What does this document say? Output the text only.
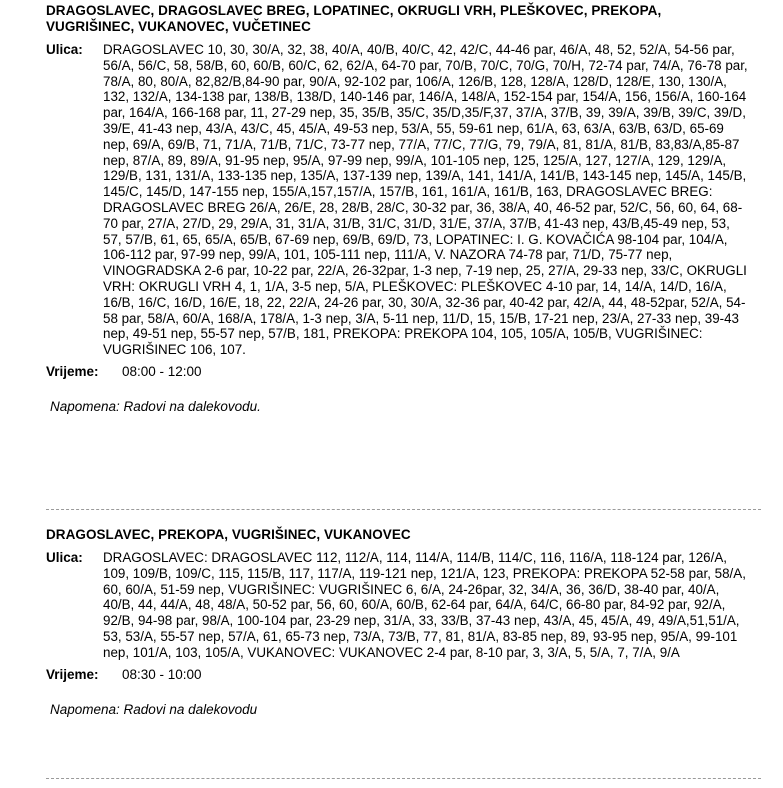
DRAGOSLAVEC, DRAGOSLAVEC BREG, LOPATINEC, OKRUGLI VRH, PLEŠKOVEC, PREKOPA, VUGRIŠINEC, VUKANOVEC, VUČETINEC
Ulica:	DRAGOSLAVEC 10, 30, 30/A, 32, 38, 40/A, 40/B, 40/C, 42, 42/C, 44-46 par, 46/A, 48, 52, 52/A, 54-56 par, 56/A, 56/C, 58, 58/B, 60, 60/B, 60/C, 62, 62/A, 64-70 par, 70/B, 70/C, 70/G, 70/H, 72-74 par, 74/A, 76-78 par, 78/A, 80, 80/A, 82,82/B,84-90 par, 90/A, 92-102 par, 106/A, 126/B, 128, 128/A, 128/D, 128/E, 130, 130/A, 132, 132/A, 134-138 par, 138/B, 138/D, 140-146 par, 146/A, 148/A, 152-154 par, 154/A, 156, 156/A, 160-164 par, 164/A, 166-168 par, 11, 27-29 nep, 35, 35/B, 35/C, 35/D,35/F,37, 37/A, 37/B, 39, 39/A, 39/B, 39/C, 39/D, 39/E, 41-43 nep, 43/A, 43/C, 45, 45/A, 49-53 nep, 53/A, 55, 59-61 nep, 61/A, 63, 63/A, 63/B, 63/D, 65-69 nep, 69/A, 69/B, 71, 71/A, 71/B, 71/C, 73-77 nep, 77/A, 77/C, 77/G, 79, 79/A, 81, 81/A, 81/B, 83,83/A,85-87 nep, 87/A, 89, 89/A, 91-95 nep, 95/A, 97-99 nep, 99/A, 101-105 nep, 125, 125/A, 127, 127/A, 129, 129/A, 129/B, 131, 131/A, 133-135 nep, 135/A, 137-139 nep, 139/A, 141, 141/A, 141/B, 143-145 nep, 145/A, 145/B, 145/C, 145/D, 147-155 nep, 155/A,157,157/A, 157/B, 161, 161/A, 161/B, 163, DRAGOSLAVEC BREG: DRAGOSLAVEC BREG 26/A, 26/E, 28, 28/B, 28/C, 30-32 par, 36, 38/A, 40, 46-52 par, 52/C, 56, 60, 64, 68-70 par, 27/A, 27/D, 29, 29/A, 31, 31/A, 31/B, 31/C, 31/D, 31/E, 37/A, 37/B, 41-43 nep, 43/B,45-49 nep, 53, 57, 57/B, 61, 65, 65/A, 65/B, 67-69 nep, 69/B, 69/D, 73, LOPATINEC: I. G. KOVAČIĆA 98-104 par, 104/A, 106-112 par, 97-99 nep, 99/A, 101, 105-111 nep, 111/A, V. NAZORA 74-78 par, 71/D, 75-77 nep, VINOGRADSKA 2-6 par, 10-22 par, 22/A, 26-32par, 1-3 nep, 7-19 nep, 25, 27/A, 29-33 nep, 33/C, OKRUGLI VRH: OKRUGLI VRH 4, 1, 1/A, 3-5 nep, 5/A, PLEŠKOVEC: PLEŠKOVEC 4-10 par, 14, 14/A, 14/D, 16/A, 16/B, 16/C, 16/D, 16/E, 18, 22, 22/A, 24-26 par, 30, 30/A, 32-36 par, 40-42 par, 42/A, 44, 48-52par, 52/A, 54-58 par, 58/A, 60/A, 168/A, 178/A, 1-3 nep, 3/A, 5-11 nep, 11/D, 15, 15/B, 17-21 nep, 23/A, 27-33 nep, 39-43 nep, 49-51 nep, 55-57 nep, 57/B, 181, PREKOPA: PREKOPA 104, 105, 105/A, 105/B, VUGRIŠINEC: VUGRIŠINEC 106, 107.
Vrijeme:	08:00 - 12:00
Napomena: Radovi na dalekovodu.
DRAGOSLAVEC, PREKOPA, VUGRIŠINEC, VUKANOVEC
Ulica:	DRAGOSLAVEC: DRAGOSLAVEC 112, 112/A, 114, 114/A, 114/B, 114/C, 116, 116/A, 118-124 par, 126/A, 109, 109/B, 109/C, 115, 115/B, 117, 117/A, 119-121 nep, 121/A, 123, PREKOPA: PREKOPA 52-58 par, 58/A, 60, 60/A, 51-59 nep, VUGRIŠINEC: VUGRIŠINEC 6, 6/A, 24-26par, 32, 34/A, 36, 36/D, 38-40 par, 40/A, 40/B, 44, 44/A, 48, 48/A, 50-52 par, 56, 60, 60/A, 60/B, 62-64 par, 64/A, 64/C, 66-80 par, 84-92 par, 92/A, 92/B, 94-98 par, 98/A, 100-104 par, 23-29 nep, 31/A, 33, 33/B, 37-43 nep, 43/A, 45, 45/A, 49, 49/A,51,51/A, 53, 53/A, 55-57 nep, 57/A, 61, 65-73 nep, 73/A, 73/B, 77, 81, 81/A, 83-85 nep, 89, 93-95 nep, 95/A, 99-101 nep, 101/A, 103, 105/A, VUKANOVEC: VUKANOVEC 2-4 par, 8-10 par, 3, 3/A, 5, 5/A, 7, 7/A, 9/A
Vrijeme:	08:30 - 10:00
Napomena: Radovi na dalekovodu
